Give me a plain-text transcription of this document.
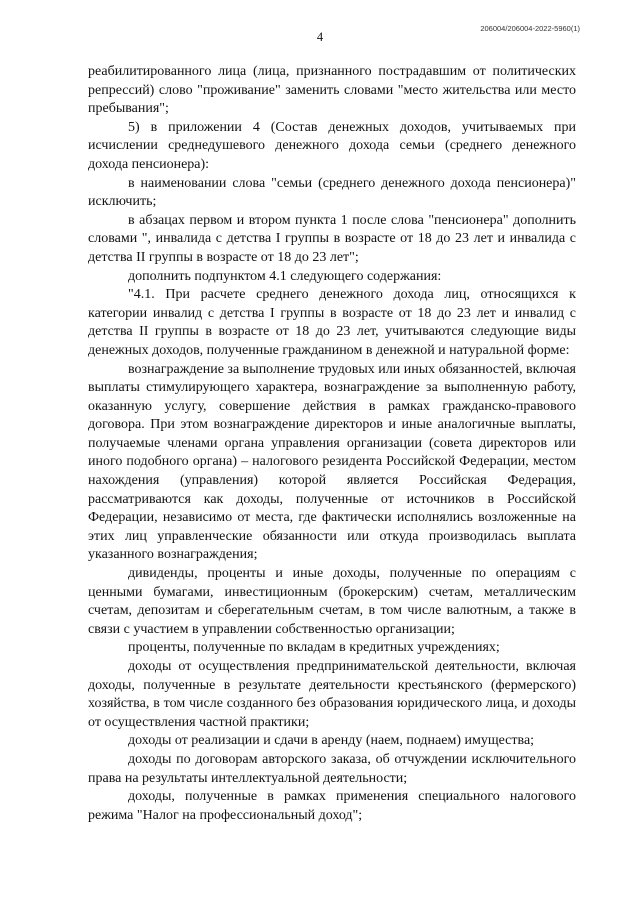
206004/206004-2022-5960(1)
4

реабилитированного лица (лица, признанного пострадавшим от политических репрессий) слово "проживание" заменить словами "место жительства или место пребывания";

5) в приложении 4 (Состав денежных доходов, учитываемых при исчислении среднедушевого денежного дохода семьи (среднего денежного дохода пенсионера):

в наименовании слова "семьи (среднего денежного дохода пенсионера)" исключить;

в абзацах первом и втором пункта 1 после слова "пенсионера" дополнить словами ", инвалида с детства I группы в возрасте от 18 до 23 лет и инвалида с детства II группы в возрасте от 18 до 23 лет";

дополнить подпунктом 4.1 следующего содержания:

"4.1. При расчете среднего денежного дохода лиц, относящихся к категории инвалид с детства I группы в возрасте от 18 до 23 лет и инвалид с детства II группы в возрасте от 18 до 23 лет, учитываются следующие виды денежных доходов, полученные гражданином в денежной и натуральной форме:

вознаграждение за выполнение трудовых или иных обязанностей, включая выплаты стимулирующего характера, вознаграждение за выполненную работу, оказанную услугу, совершение действия в рамках гражданско-правового договора. При этом вознаграждение директоров и иные аналогичные выплаты, получаемые членами органа управления организации (совета директоров или иного подобного органа) – налогового резидента Российской Федерации, местом нахождения (управления) которой является Российская Федерация, рассматриваются как доходы, полученные от источников в Российской Федерации, независимо от места, где фактически исполнялись возложенные на этих лиц управленческие обязанности или откуда производилась выплата указанного вознаграждения;

дивиденды, проценты и иные доходы, полученные по операциям с ценными бумагами, инвестиционным (брокерским) счетам, металлическим счетам, депозитам и сберегательным счетам, в том числе валютным, а также в связи с участием в управлении собственностью организации;

проценты, полученные по вкладам в кредитных учреждениях;

доходы от осуществления предпринимательской деятельности, включая доходы, полученные в результате деятельности крестьянского (фермерского) хозяйства, в том числе созданного без образования юридического лица, и доходы от осуществления частной практики;

доходы от реализации и сдачи в аренду (наем, поднаем) имущества;

доходы по договорам авторского заказа, об отчуждении исключительного права на результаты интеллектуальной деятельности;

доходы, полученные в рамках применения специального налогового режима "Налог на профессиональный доход";
